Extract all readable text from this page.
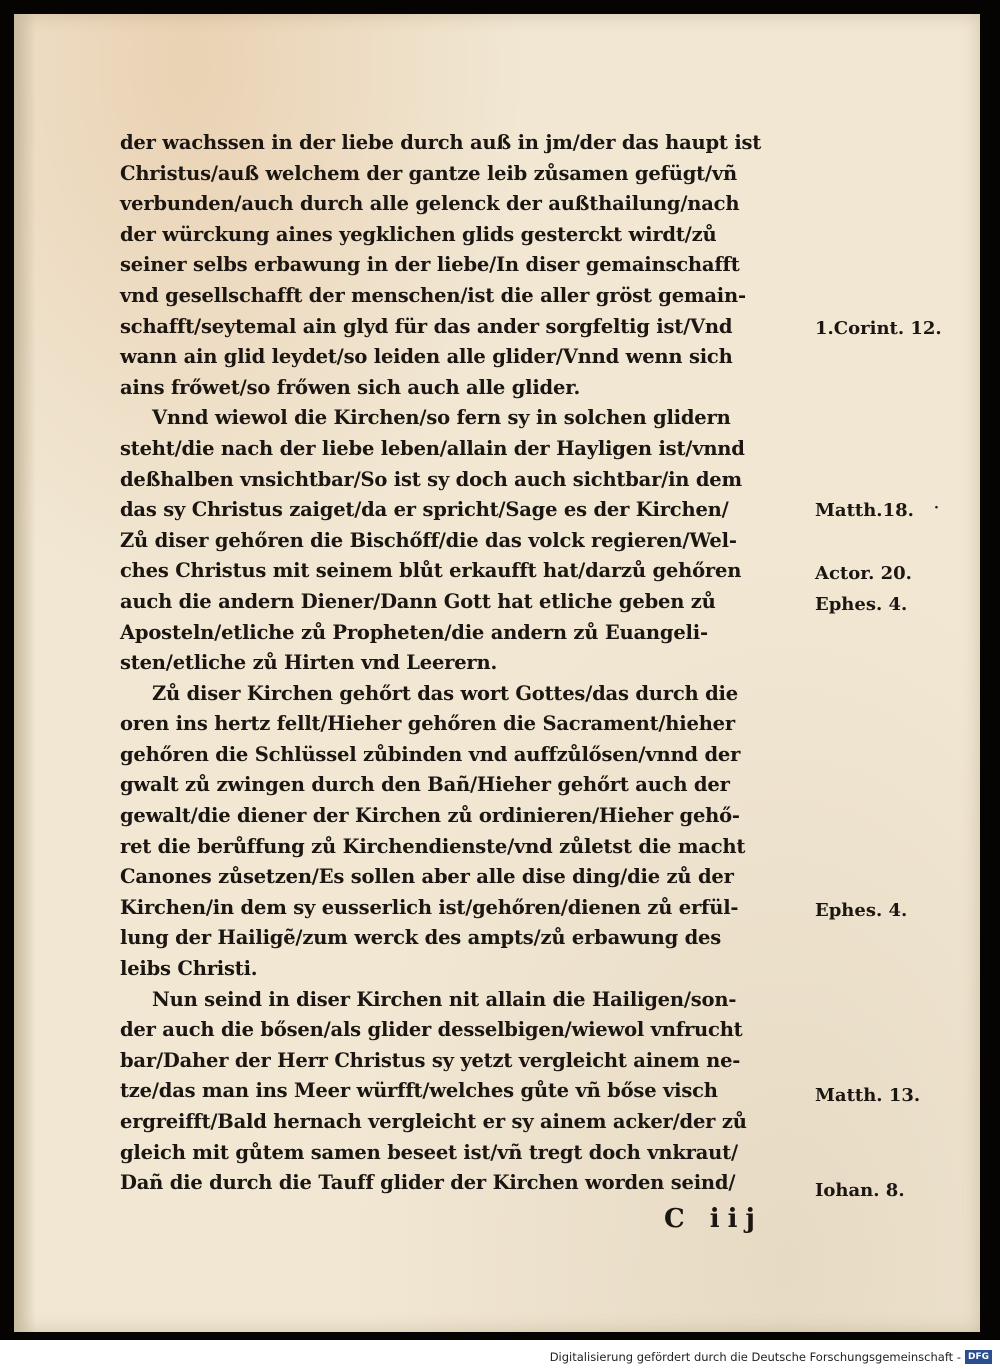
der wachssen in der liebe durch auß in jm/der das haupt ist
Christus/auß welchem der gantze leib zůsamen gefügt/vñ
verbunden/auch durch alle gelenck der außthailung/nach
der würckung aines yegklichen glids gesterckt wirdt/zů
seiner selbs erbawung in der liebe/In diser gemainschafft
vnd gesellschafft der menschen/ist die aller gröst gemain-
schafft/seytemal ain glyd für das ander sorgfeltig ist/Vnd
wann ain glid leydet/so leiden alle glider/Vnnd wenn sich
ains frőwet/so frőwen sich auch alle glider.
Vnnd wiewol die Kirchen/so fern sy in solchen glidern
steht/die nach der liebe leben/allain der Hayligen ist/vnnd
deßhalben vnsichtbar/So ist sy doch auch sichtbar/in dem
das sy Christus zaiget/da er spricht/Sage es der Kirchen/
Zů diser gehőren die Bischőff/die das volck regieren/Wel-
ches Christus mit seinem blůt erkaufft hat/darzů gehőren
auch die andern Diener/Dann Gott hat etliche geben zů
Aposteln/etliche zů Propheten/die andern zů Euangeli-
sten/etliche zů Hirten vnd Leerern.
Zů diser Kirchen gehőrt das wort Gottes/das durch die
oren ins hertz fellt/Hieher gehőren die Sacrament/hieher
gehőren die Schlüssel zůbinden vnd auffzůlősen/vnnd der
gwalt zů zwingen durch den Bañ/Hieher gehőrt auch der
gewalt/die diener der Kirchen zů ordinieren/Hieher gehő-
ret die berůffung zů Kirchendienste/vnd zůletst die macht
Canones zůsetzen/Es sollen aber alle dise ding/die zů der
Kirchen/in dem sy eusserlich ist/gehőren/dienen zů erfül-
lung der Hailigẽ/zum werck des ampts/zů erbawung des
leibs Christi.
Nun seind in diser Kirchen nit allain die Hailigen/son-
der auch die bősen/als glider desselbigen/wiewol vnfrucht
bar/Daher der Herr Christus sy yetzt vergleicht ainem ne-
tze/das man ins Meer würfft/welches gůte vñ bőse visch
ergreifft/Bald hernach vergleicht er sy ainem acker/der zů
gleich mit gůtem samen beseet ist/vñ tregt doch vnkraut/
Dañ die durch die Tauff glider der Kirchen worden seind/
1.Corint. 12.
Matth.18. ·
Actor. 20.
Ephes. 4.
Ephes. 4.
Matth. 13.
Iohan. 8.
C iij
Digitalisierung gefördert durch die Deutsche Forschungsgemeinschaft - DFG
